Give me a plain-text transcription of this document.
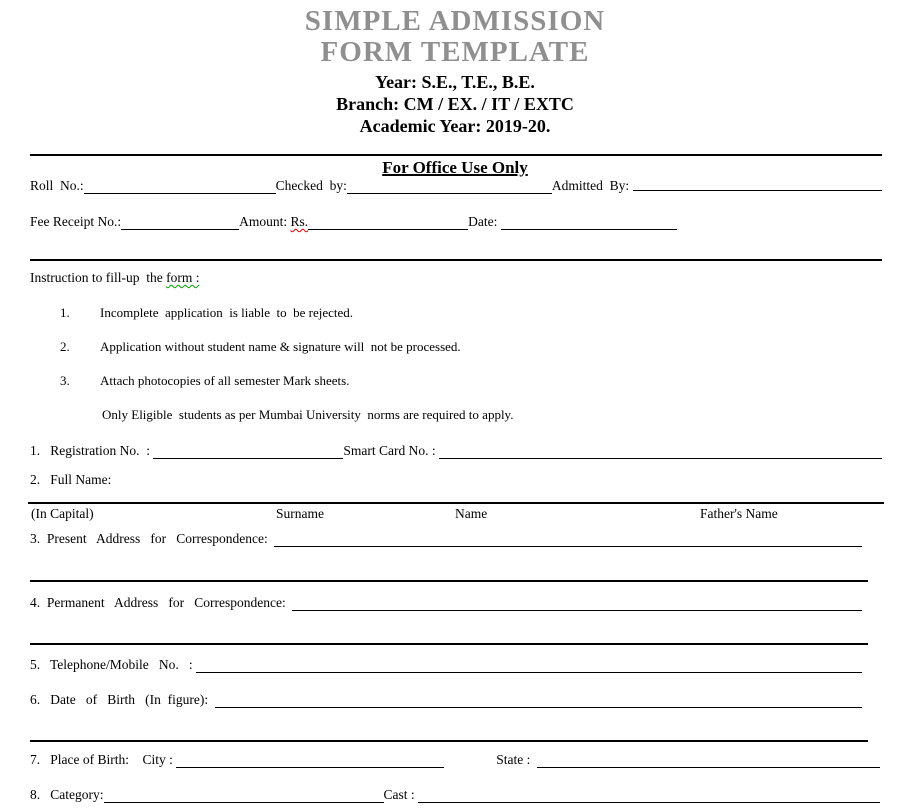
SIMPLE ADMISSION
FORM TEMPLATE
Year: S.E., T.E., B.E.
Branch: CM / EX. / IT / EXTC
Academic Year: 2019-20.
For Office Use Only
Roll  No.:	Checked  by:	Admitted  By:
Fee Receipt No.:	Amount: Rs.	Date:
Instruction to fill-up  the form :
1.	Incomplete  application  is liable  to  be rejected.
2.	Application without student name & signature will  not be processed.
3.	Attach photocopies of all semester Mark sheets.
Only Eligible  students as per Mumbai University  norms are required to apply.
1.   Registration No.  :	Smart Card No. :
2.   Full Name:
(In Capital)	Surname	Name	Father's Name
3.  Present   Address   for   Correspondence:
4.  Permanent   Address   for   Correspondence:
5.   Telephone/Mobile   No.   :
6.   Date   of   Birth   (In  figure):
7.   Place of Birth:    City :	State :
8.   Category:	Cast :
